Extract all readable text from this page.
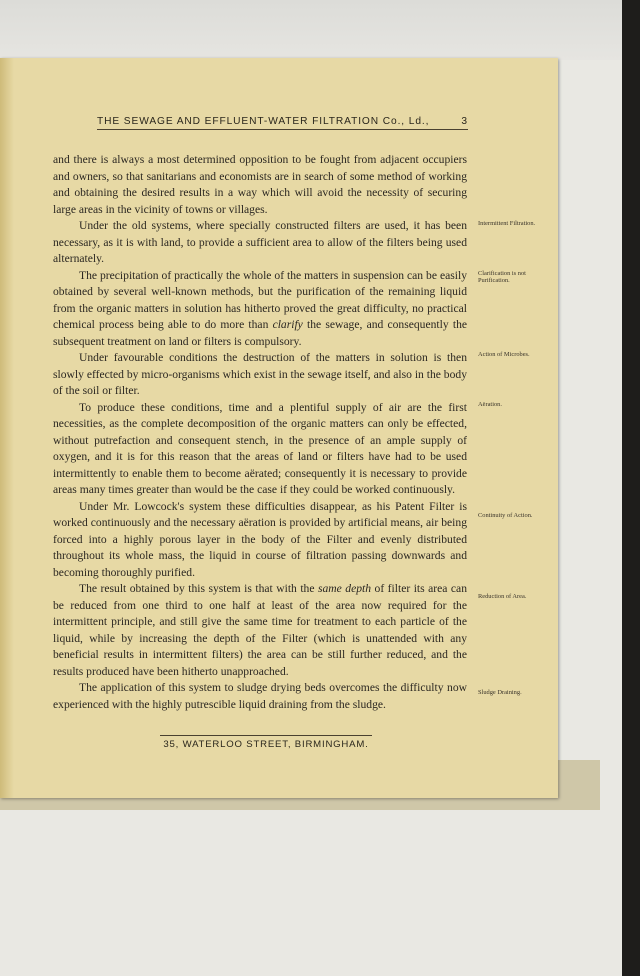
THE SEWAGE AND EFFLUENT-WATER FILTRATION Co., Ld.,	3

and there is always a most determined opposition to be fought from adjacent occupiers and owners, so that sanitarians and economists are in search of some method of working and obtaining the desired results in a way which will avoid the necessity of securing large areas in the vicinity of towns or villages.

Under the old systems, where specially constructed filters are used, it has been necessary, as it is with land, to provide a sufficient area to allow of the filters being used alternately.

The precipitation of practically the whole of the matters in suspension can be easily obtained by several well-known methods, but the purification of the remaining liquid from the organic matters in solution has hitherto proved the great difficulty, no practical chemical process being able to do more than clarify the sewage, and consequently the subsequent treatment on land or filters is compulsory.

Under favourable conditions the destruction of the matters in solution is then slowly effected by micro-organisms which exist in the sewage itself, and also in the body of the soil or filter.

To produce these conditions, time and a plentiful supply of air are the first necessities, as the complete decomposition of the organic matters can only be effected, without putrefaction and consequent stench, in the presence of an ample supply of oxygen, and it is for this reason that the areas of land or filters have had to be used intermittently to enable them to become aërated; consequently it is necessary to provide areas many times greater than would be the case if they could be worked continuously.

Under Mr. Lowcock's system these difficulties disappear, as his Patent Filter is worked continuously and the necessary aëration is provided by artificial means, air being forced into a highly porous layer in the body of the Filter and evenly distributed throughout its whole mass, the liquid in course of filtration passing downwards and becoming thoroughly purified.

The result obtained by this system is that with the same depth of filter its area can be reduced from one third to one half at least of the area now required for the intermittent principle, and still give the same time for treatment to each particle of the liquid, while by increasing the depth of the Filter (which is unattended with any beneficial results in intermittent filters) the area can be still further reduced, and the results produced have been hitherto unapproached.

The application of this system to sludge drying beds overcomes the difficulty now experienced with the highly putrescible liquid draining from the sludge.

Intermittent Filtration.
Clarification is not Purification.
Action of Microbes.
Aëration.
Continuity of Action.
Reduction of Area.
Sludge Draining.
35, WATERLOO STREET, BIRMINGHAM.
